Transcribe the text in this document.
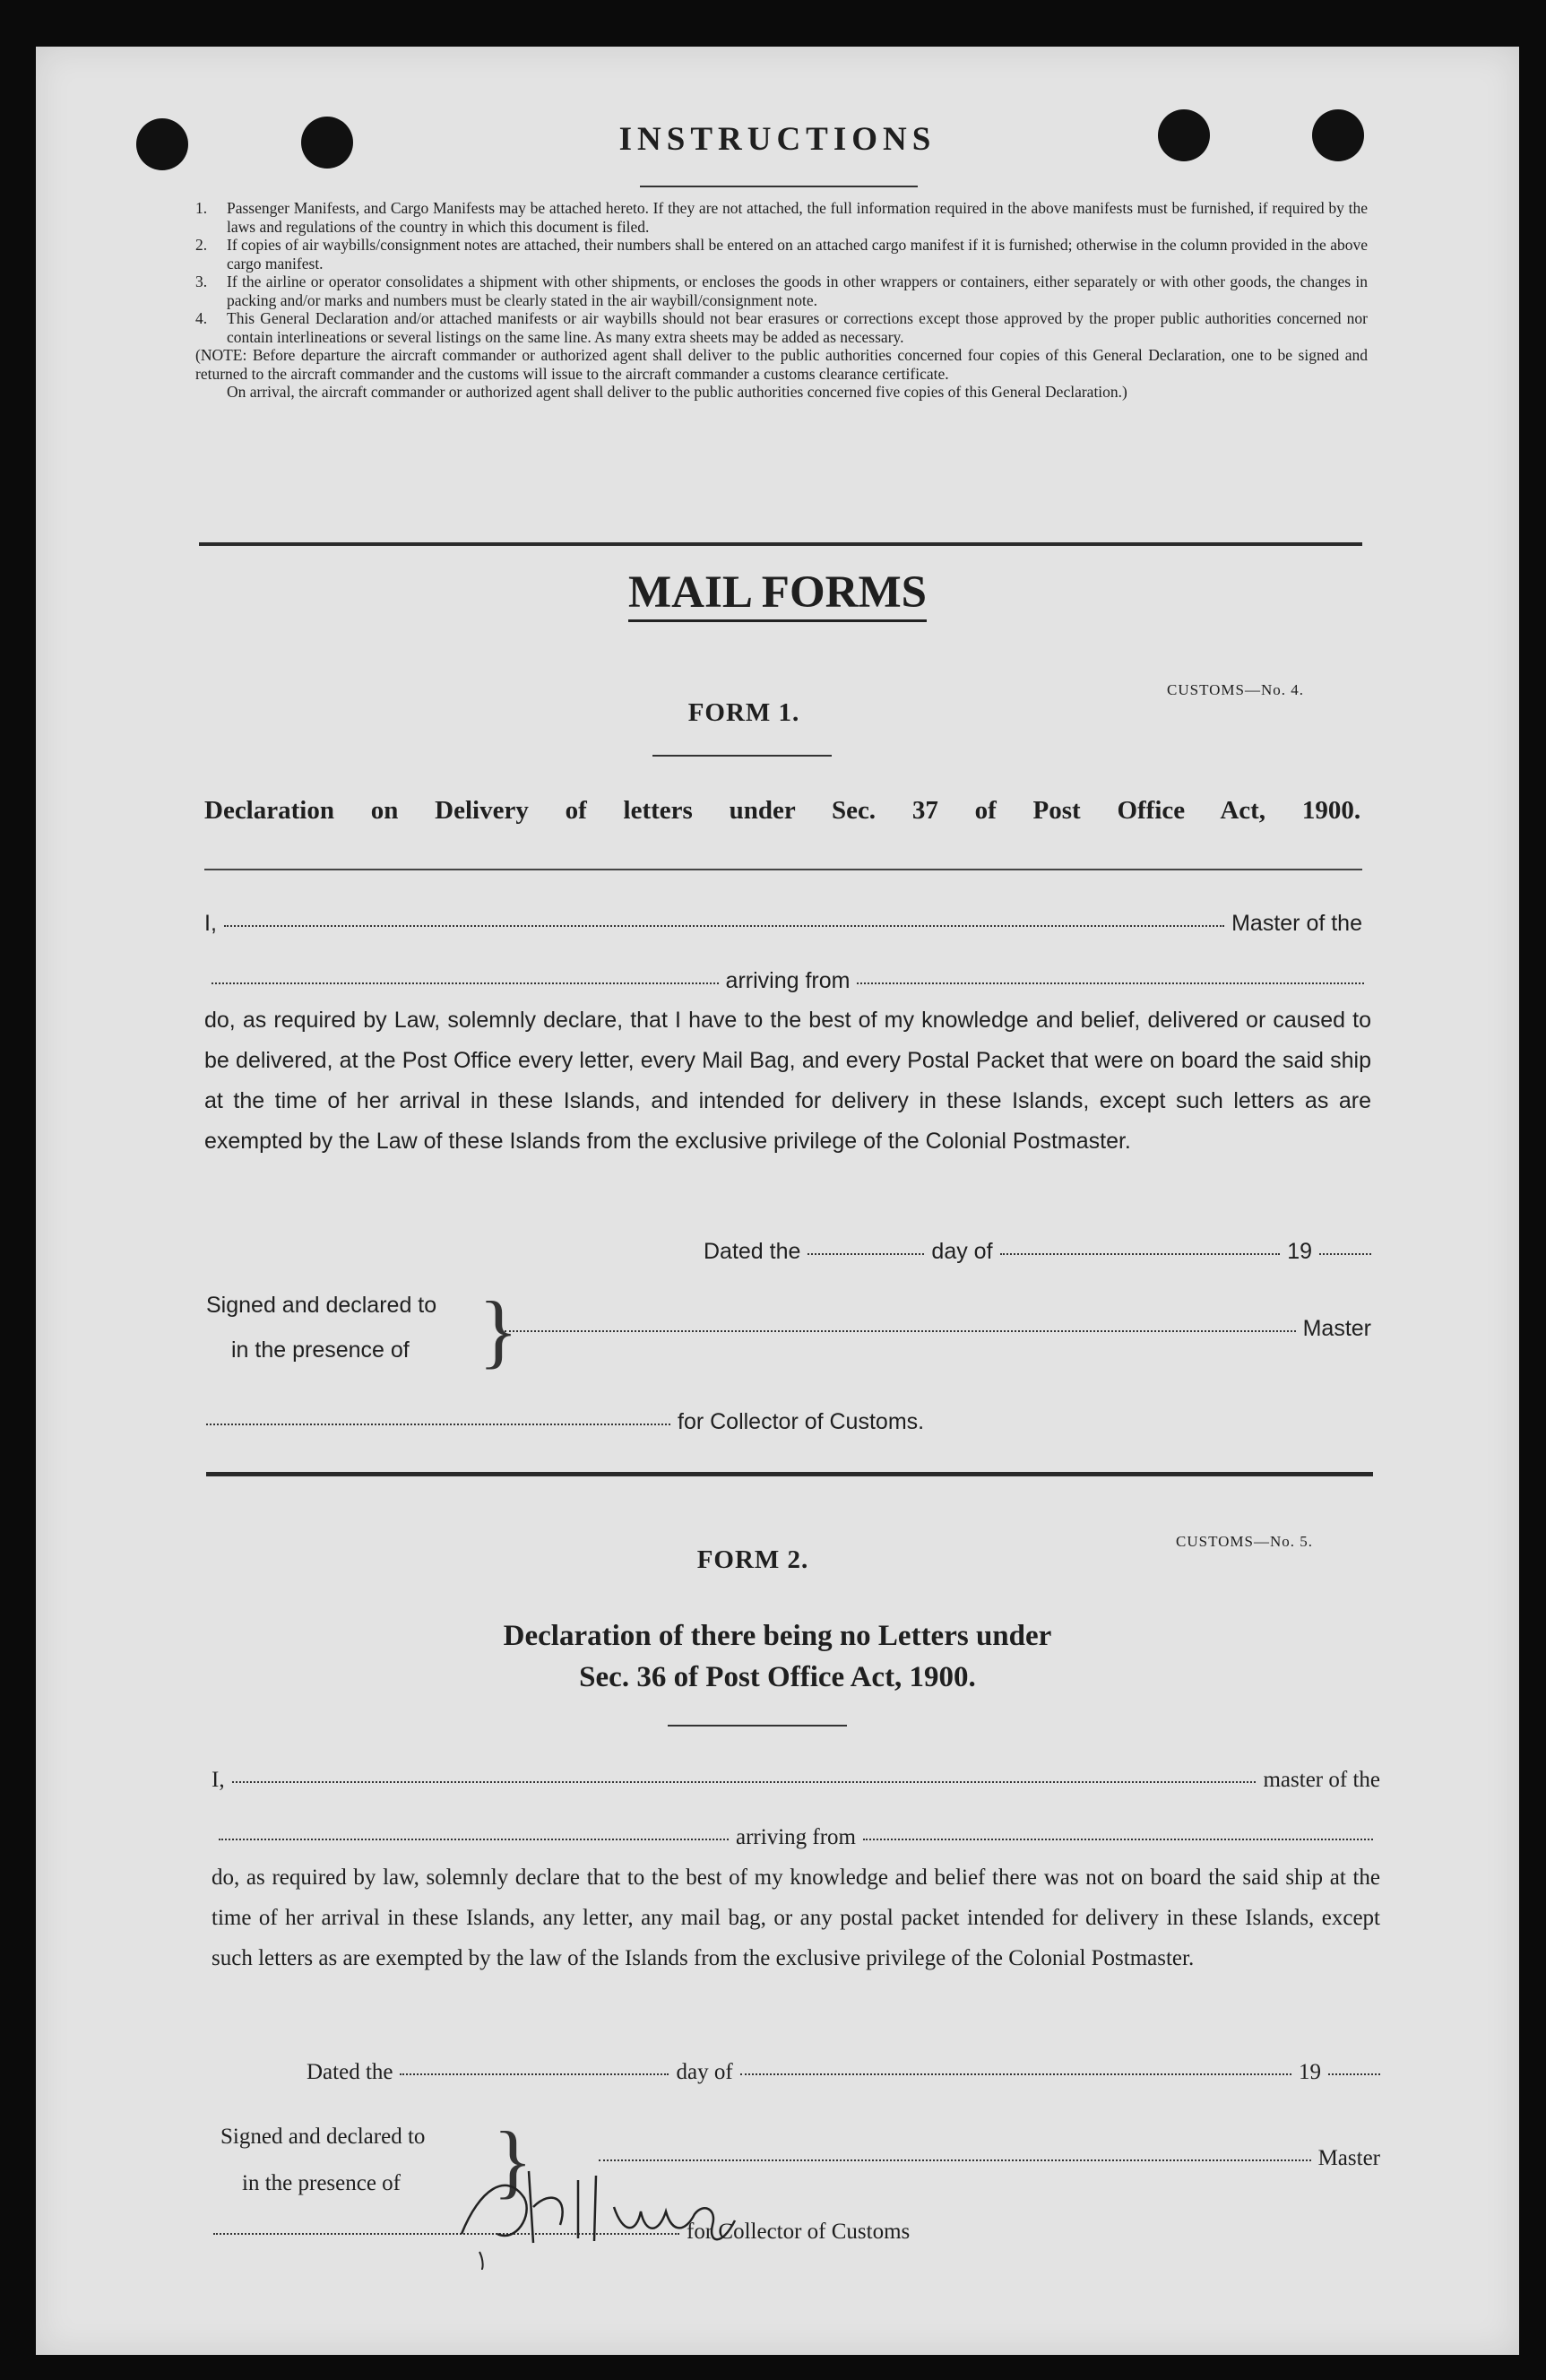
INSTRUCTIONS
1. Passenger Manifests, and Cargo Manifests may be attached hereto. If they are not attached, the full information required in the above manifests must be furnished, if required by the laws and regulations of the country in which this document is filed.
2. If copies of air waybills/consignment notes are attached, their numbers shall be entered on an attached cargo manifest if it is furnished; otherwise in the column provided in the above cargo manifest.
3. If the airline or operator consolidates a shipment with other shipments, or encloses the goods in other wrappers or containers, either separately or with other goods, the changes in packing and/or marks and numbers must be clearly stated in the air waybill/consignment note.
4. This General Declaration and/or attached manifests or air waybills should not bear erasures or corrections except those approved by the proper public authorities concerned nor contain interlineations or several listings on the same line. As many extra sheets may be added as necessary.
(NOTE: Before departure the aircraft commander or authorized agent shall deliver to the public authorities concerned four copies of this General Declaration, one to be signed and returned to the aircraft commander and the customs will issue to the aircraft commander a customs clearance certificate.
On arrival, the aircraft commander or authorized agent shall deliver to the public authorities concerned five copies of this General Declaration.)
MAIL FORMS
CUSTOMS—No. 4.
FORM 1.
Declaration on Delivery of letters under Sec. 37 of Post Office Act, 1900.
I,	Master of the
arriving from
do, as required by Law, solemnly declare, that I have to the best of my knowledge and belief, delivered or caused to be delivered, at the Post Office every letter, every Mail Bag, and every Postal Packet that were on board the said ship at the time of her arrival in these Islands, and intended for delivery in these Islands, except such letters as are exempted by the Law of these Islands from the exclusive privilege of the Colonial Postmaster.
Dated the	day of	19
Signed and declared to
in the presence of }	Master
for Collector of Customs.
CUSTOMS—No. 5.
FORM 2.
Declaration of there being no Letters under
Sec. 36 of Post Office Act, 1900.
I,	master of the
arriving from
do, as required by law, solemnly declare that to the best of my knowledge and belief there was not on board the said ship at the time of her arrival in these Islands, any letter, any mail bag, or any postal packet intended for delivery in these Islands, except such letters as are exempted by the law of the Islands from the exclusive privilege of the Colonial Postmaster.
Dated the	day of	19
Signed and declared to
in the presence of }	Master
for Collector of Customs
